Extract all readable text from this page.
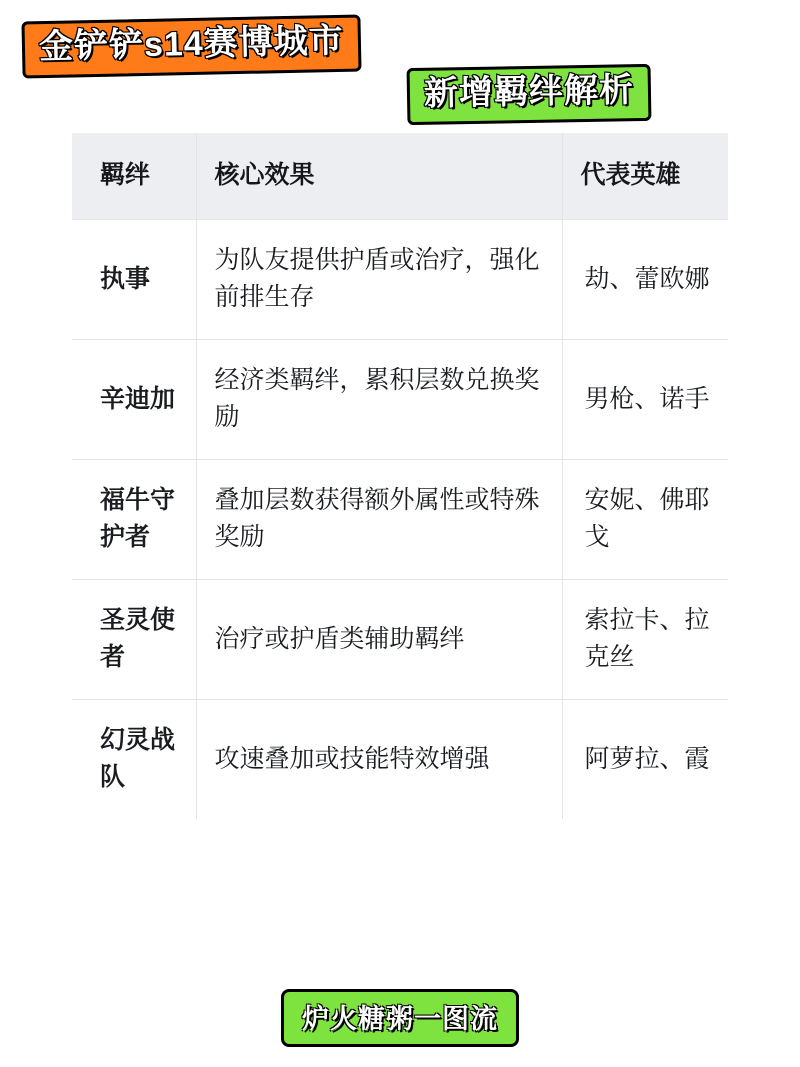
金铲铲s14赛博城市
新增羁绊解析
羁绊	核心效果	代表英雄
执事	为队友提供护盾或治疗，强化前排生存	劫、蕾欧娜
辛迪加	经济类羁绊，累积层数兑换奖励	男枪、诺手
福牛守护者	叠加层数获得额外属性或特殊奖励	安妮、佛耶戈
圣灵使者	治疗或护盾类辅助羁绊	索拉卡、拉克丝
幻灵战队	攻速叠加或技能特效增强	阿萝拉、霞
炉火糖粥一图流
